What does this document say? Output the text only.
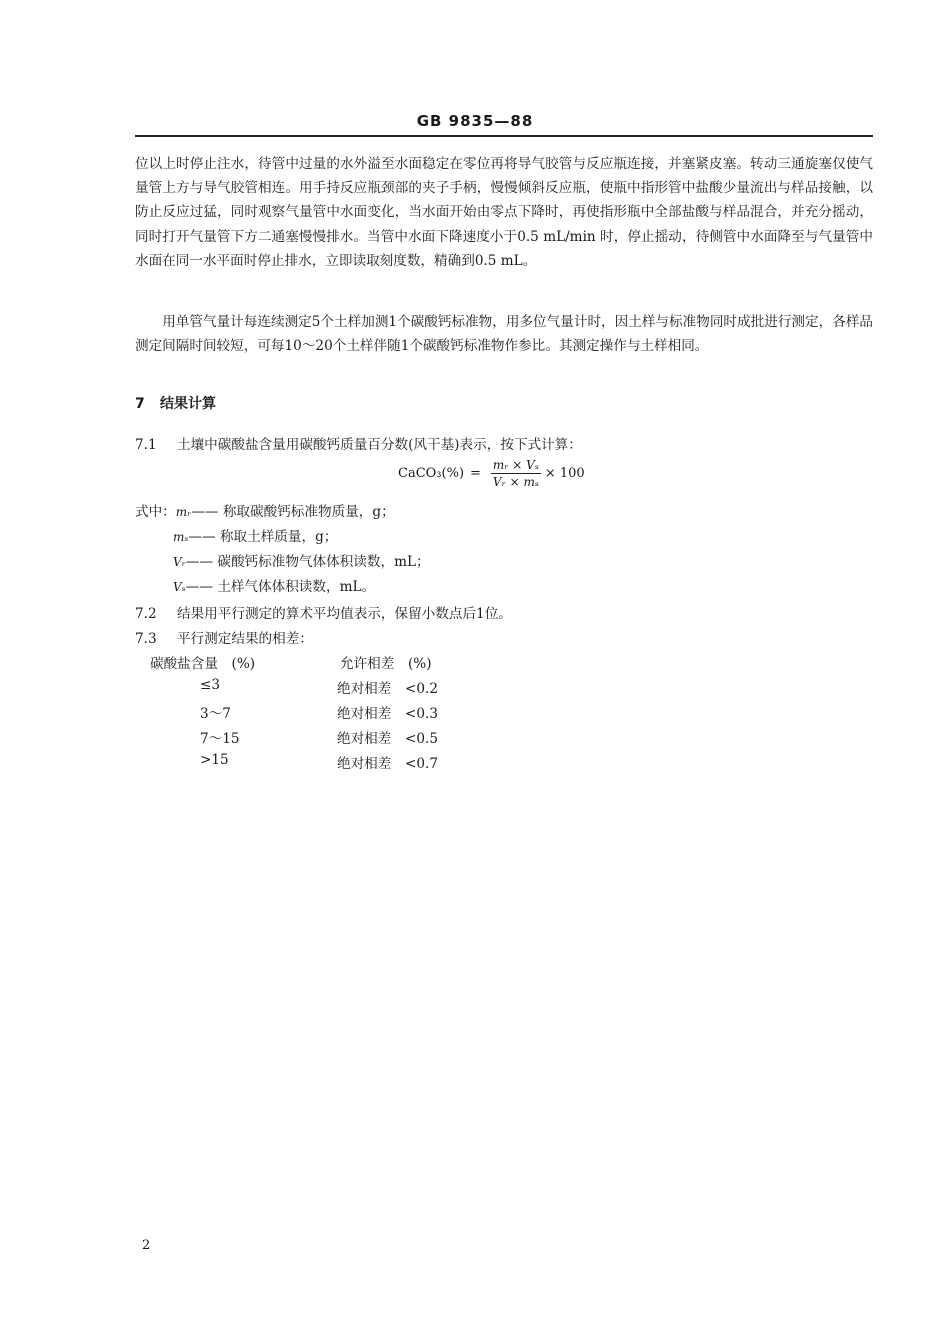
GB 9835—88

位以上时停止注水，待管中过量的水外溢至水面稳定在零位再将导气胶管与反应瓶连接，并塞紧皮塞。转动三通旋塞仅使气量管上方与导气胶管相连。用手持反应瓶颈部的夹子手柄，慢慢倾斜反应瓶，使瓶中指形管中盐酸少量流出与样品接触，以防止反应过猛，同时观察气量管中水面变化，当水面开始由零点下降时，再使指形瓶中全部盐酸与样品混合，并充分摇动，同时打开气量管下方二通塞慢慢排水。当管中水面下降速度小于0.5 mL/min 时，停止摇动，待侧管中水面降至与气量管中水面在同一水平面时停止排水，立即读取刻度数，精确到0.5 mL。

用单管气量计每连续测定5个土样加测1个碳酸钙标准物，用多位气量计时，因土样与标准物同时成批进行测定，各样品测定间隔时间较短，可每10～20个土样伴随1个碳酸钙标准物作参比。其测定操作与土样相同。

7 结果计算
7.1 土壤中碳酸盐含量用碳酸钙质量百分数(风干基)表示，按下式计算：
CaCO₃(%) = $\frac{\text{mᵣ × Vₛ}}{\text{Vᵣ × mₛ}} \times 100$
式中：mᵣ—— 称取碳酸钙标准物质量，g；
mₛ—— 称取土样质量，g；
Vᵣ—— 碳酸钙标准物气体体积读数，mL；
Vₛ—— 土样气体体积读数，mL。
7.2 结果用平行测定的算术平均值表示，保留小数点后1位。
7.3 平行测定结果的相差：
碳酸盐含量　(%)	允许相差　(%)
≤3	绝对相差　<0.2
3～7	绝对相差　<0.3
7～15	绝对相差　<0.5
>15	绝对相差　<0.7
2
